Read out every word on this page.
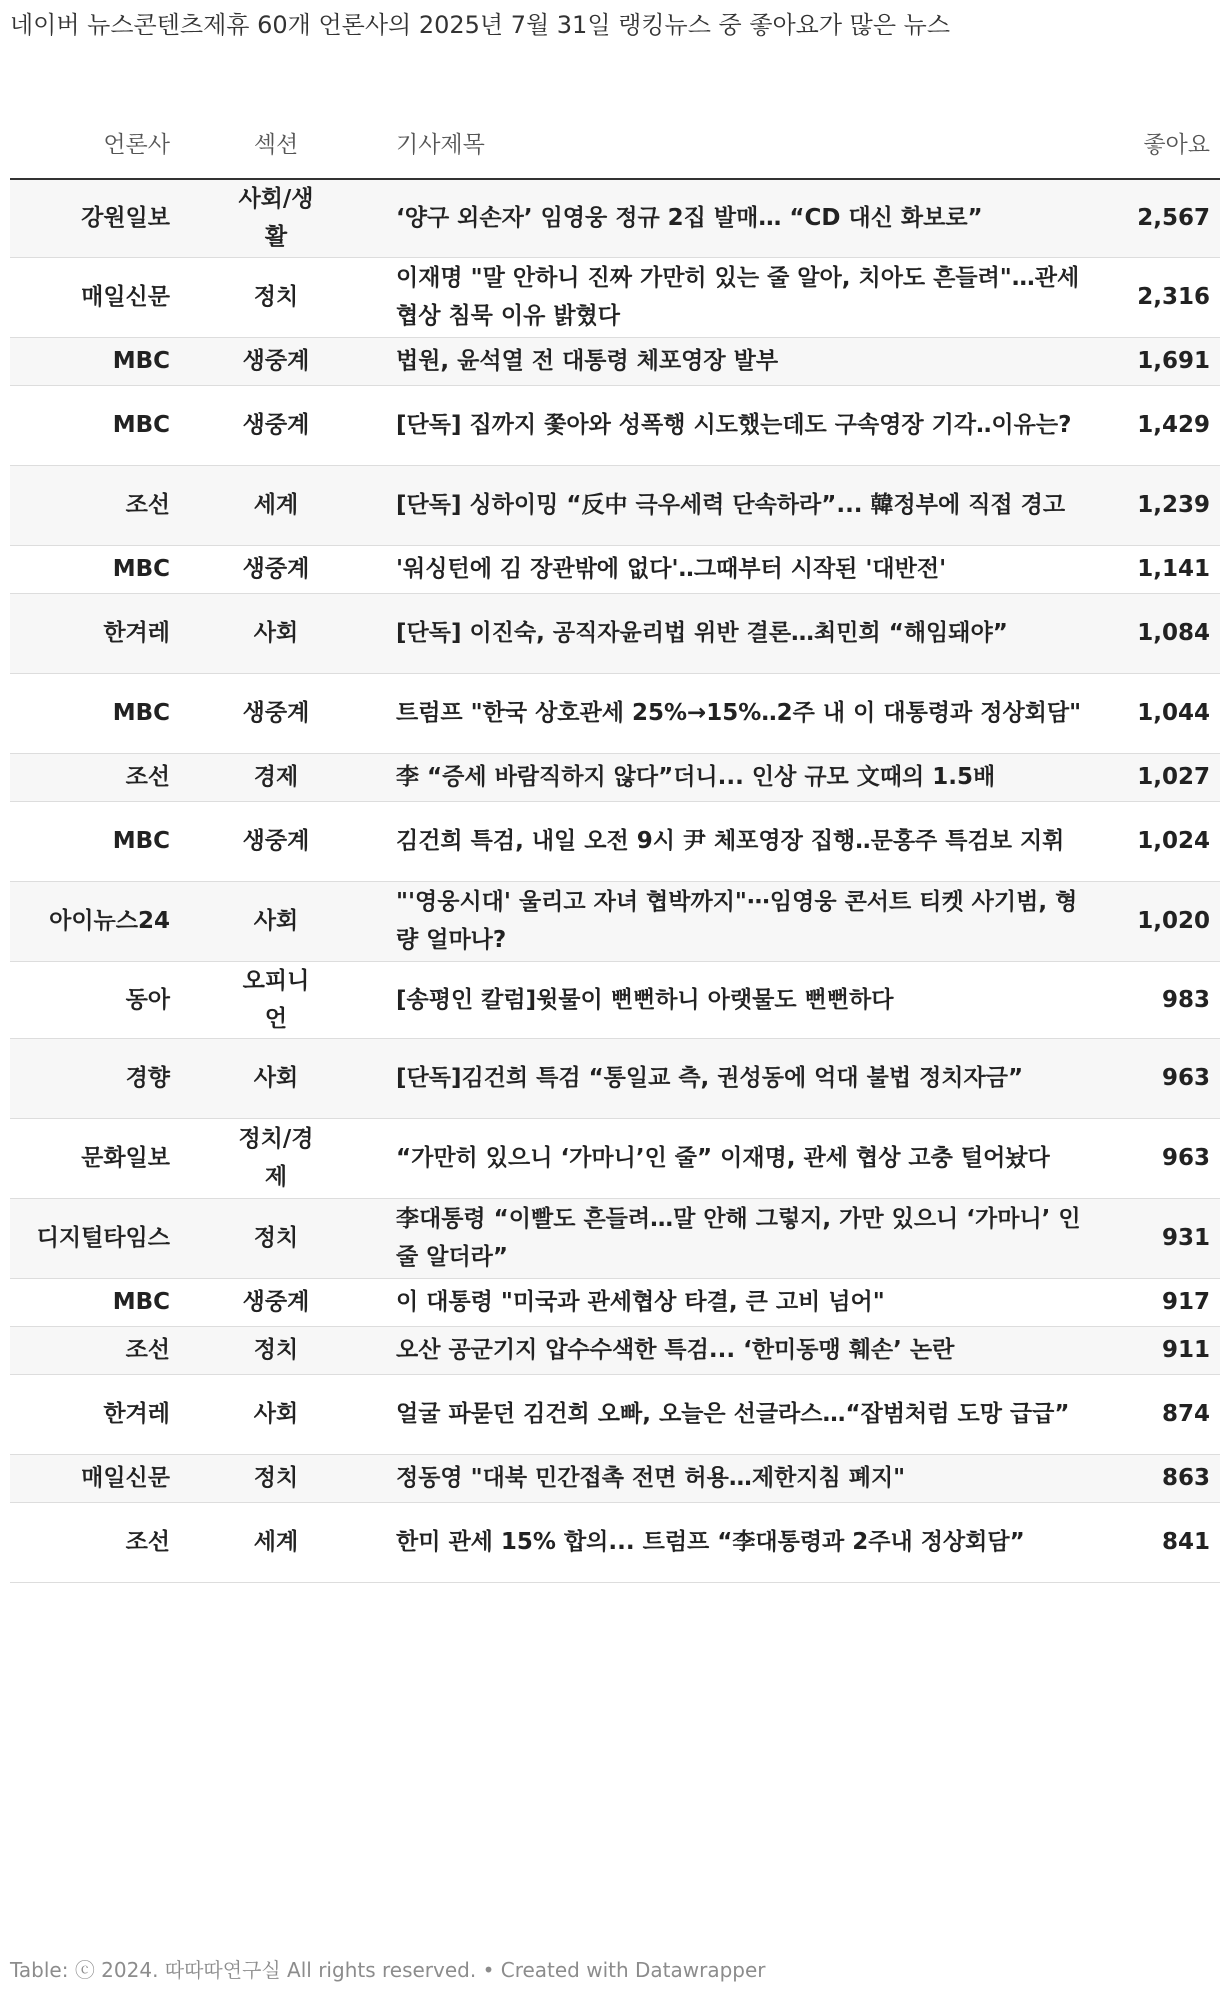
네이버 뉴스콘텐츠제휴 60개 언론사의 2025년 7월 31일 랭킹뉴스 중 좋아요가 많은 뉴스
언론사	섹션	기사제목	좋아요
강원일보	사회/생활	‘양구 외손자’ 임영웅 정규 2집 발매… “CD 대신 화보로”	2,567
매일신문	정치	이재명 "말 안하니 진짜 가만히 있는 줄 알아, 치아도 흔들려"…관세협상 침묵 이유 밝혔다	2,316
MBC	생중계	법원, 윤석열 전 대통령 체포영장 발부	1,691
MBC	생중계	[단독] 집까지 쫓아와 성폭행 시도했는데도 구속영장 기각‥이유는?	1,429
조선	세계	[단독] 싱하이밍 “反中 극우세력 단속하라”... 韓정부에 직접 경고	1,239
MBC	생중계	'워싱턴에 김 장관밖에 없다'‥그때부터 시작된 '대반전'	1,141
한겨레	사회	[단독] 이진숙, 공직자윤리법 위반 결론…최민희 “해임돼야”	1,084
MBC	생중계	트럼프 "한국 상호관세 25%→15%‥2주 내 이 대통령과 정상회담"	1,044
조선	경제	李 “증세 바람직하지 않다”더니... 인상 규모 文때의 1.5배	1,027
MBC	생중계	김건희 특검, 내일 오전 9시 尹 체포영장 집행‥문홍주 특검보 지휘	1,024
아이뉴스24	사회	"'영웅시대' 울리고 자녀 협박까지"⋯임영웅 콘서트 티켓 사기범, 형량 얼마나?	1,020
동아	오피니언	[송평인 칼럼]윗물이 뻔뻔하니 아랫물도 뻔뻔하다	983
경향	사회	[단독]김건희 특검 “통일교 측, 권성동에 억대 불법 정치자금”	963
문화일보	정치/경제	“가만히 있으니 ‘가마니’인 줄” 이재명, 관세 협상 고충 털어놨다	963
디지털타임스	정치	李대통령 “이빨도 흔들려…말 안해 그렇지, 가만 있으니 ‘가마니’ 인줄 알더라”	931
MBC	생중계	이 대통령 "미국과 관세협상 타결, 큰 고비 넘어"	917
조선	정치	오산 공군기지 압수수색한 특검... ‘한미동맹 훼손’ 논란	911
한겨레	사회	얼굴 파묻던 김건희 오빠, 오늘은 선글라스…“잡범처럼 도망 급급”	874
매일신문	정치	정동영 "대북 민간접촉 전면 허용…제한지침 폐지"	863
조선	세계	한미 관세 15% 합의... 트럼프 “李대통령과 2주내 정상회담”	841
Table: ⓒ 2024. 따따따연구실 All rights reserved. • Created with Datawrapper
